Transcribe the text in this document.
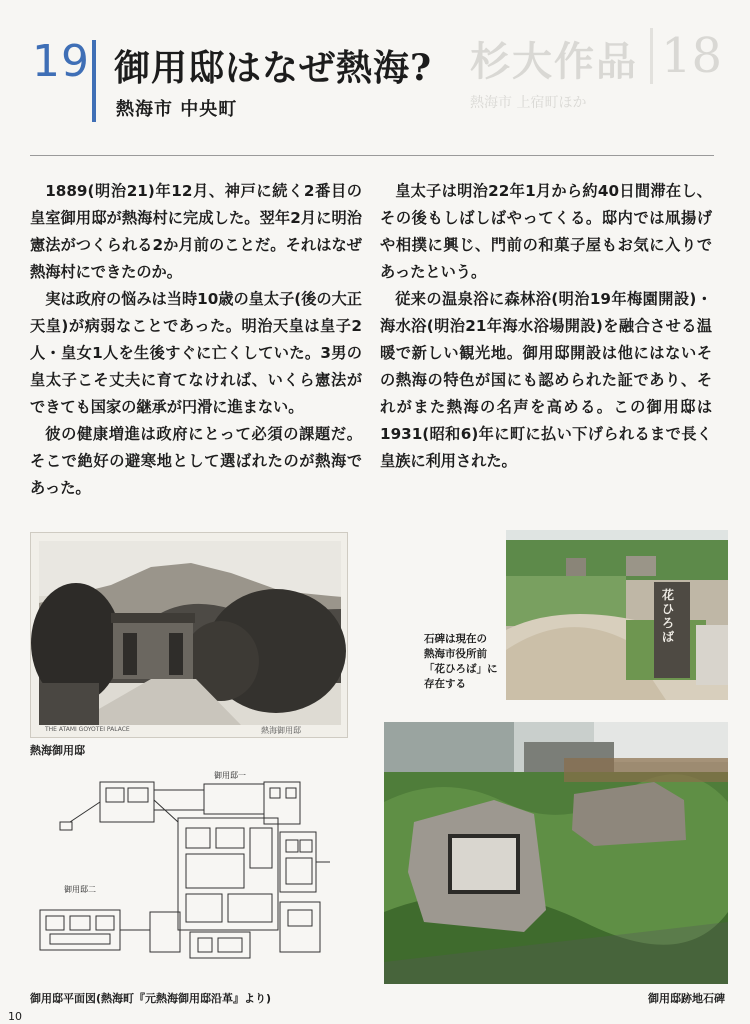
杉大作品 18
熱海市 上宿町ほか
19 御用邸はなぜ熱海?
熱海市 中央町

1889(明治21)年12月、神戸に続く2番目の皇室御用邸が熱海村に完成した。翌年2月に明治憲法がつくられる2か月前のことだ。それはなぜ熱海村にできたのか。

実は政府の悩みは当時10歳の皇太子(後の大正天皇)が病弱なことであった。明治天皇は皇子2人・皇女1人を生後すぐに亡くしていた。3男の皇太子こそ丈夫に育てなければ、いくら憲法ができても国家の継承が円滑に進まない。

彼の健康増進は政府にとって必須の課題だ。そこで絶好の避寒地として選ばれたのが熱海であった。

皇太子は明治22年1月から約40日間滞在し、その後もしばしばやってくる。邸内では凧揚げや相撲に興じ、門前の和菓子屋もお気に入りであったという。

従来の温泉浴に森林浴(明治19年梅園開設)・海水浴(明治21年海水浴場開設)を融合させる温暖で新しい観光地。御用邸開設は他にはないその熱海の特色が国にも認められた証であり、それがまた熱海の名声を高める。この御用邸は1931(昭和6)年に町に払い下げられるまで長く皇族に利用された。

THE ATAMI GOYOTEI PALACE	熱海御用邸
熱海御用邸
御用邸一
御用邸二
御用邸平面図(熱海町『元熱海御用邸沿革』より)
花ひろば
石碑は現在の
熱海市役所前
「花ひろば」に
存在する
御用邸跡地石碑
10
